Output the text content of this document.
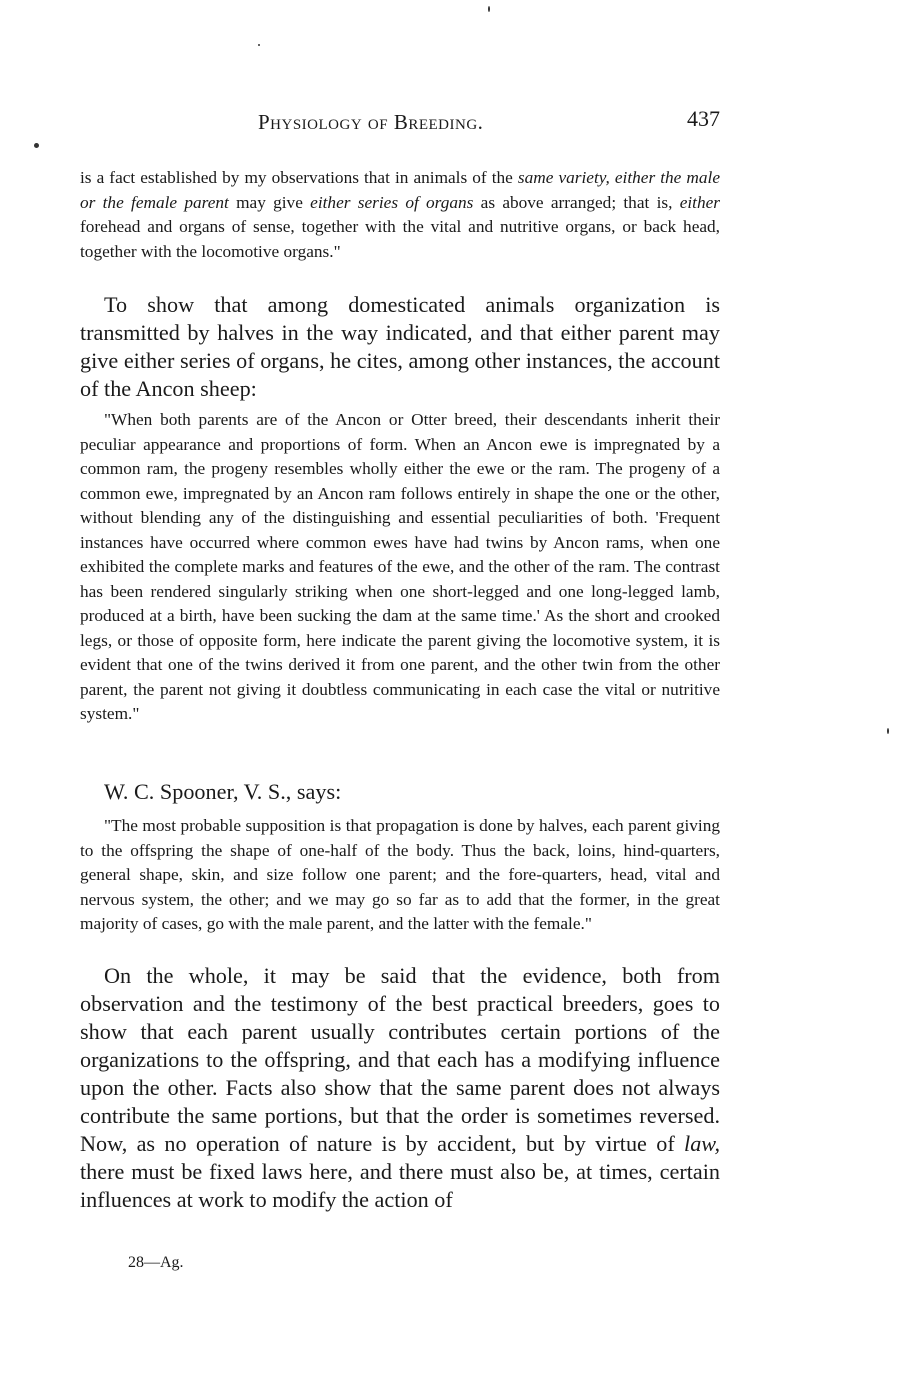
Physiology of Breeding.	437

is a fact established by my observations that in animals of the same variety, either the male or the female parent may give either series of organs as above arranged; that is, either forehead and organs of sense, together with the vital and nutritive organs, or back head, together with the locomotive organs."

To show that among domesticated animals organization is transmitted by halves in the way indicated, and that either parent may give either series of organs, he cites, among other instances, the account of the Ancon sheep:

"When both parents are of the Ancon or Otter breed, their descendants inherit their peculiar appearance and proportions of form. When an Ancon ewe is impregnated by a common ram, the progeny resembles wholly either the ewe or the ram. The progeny of a common ewe, impregnated by an Ancon ram follows entirely in shape the one or the other, without blending any of the distinguishing and essential peculiarities of both. 'Frequent instances have occurred where common ewes have had twins by Ancon rams, when one exhibited the complete marks and features of the ewe, and the other of the ram. The contrast has been rendered singularly striking when one short-legged and one long-legged lamb, produced at a birth, have been sucking the dam at the same time.' As the short and crooked legs, or those of opposite form, here indicate the parent giving the locomotive system, it is evident that one of the twins derived it from one parent, and the other twin from the other parent, the parent not giving it doubtless communicating in each case the vital or nutritive system."

W. C. Spooner, V. S., says:

"The most probable supposition is that propagation is done by halves, each parent giving to the offspring the shape of one-half of the body. Thus the back, loins, hind-quarters, general shape, skin, and size follow one parent; and the fore-quarters, head, vital and nervous system, the other; and we may go so far as to add that the former, in the great majority of cases, go with the male parent, and the latter with the female."

On the whole, it may be said that the evidence, both from observation and the testimony of the best practical breeders, goes to show that each parent usually contributes certain portions of the organizations to the offspring, and that each has a modifying influence upon the other. Facts also show that the same parent does not always contribute the same portions, but that the order is sometimes reversed. Now, as no operation of nature is by accident, but by virtue of law, there must be fixed laws here, and there must also be, at times, certain influences at work to modify the action of

28—Ag.
